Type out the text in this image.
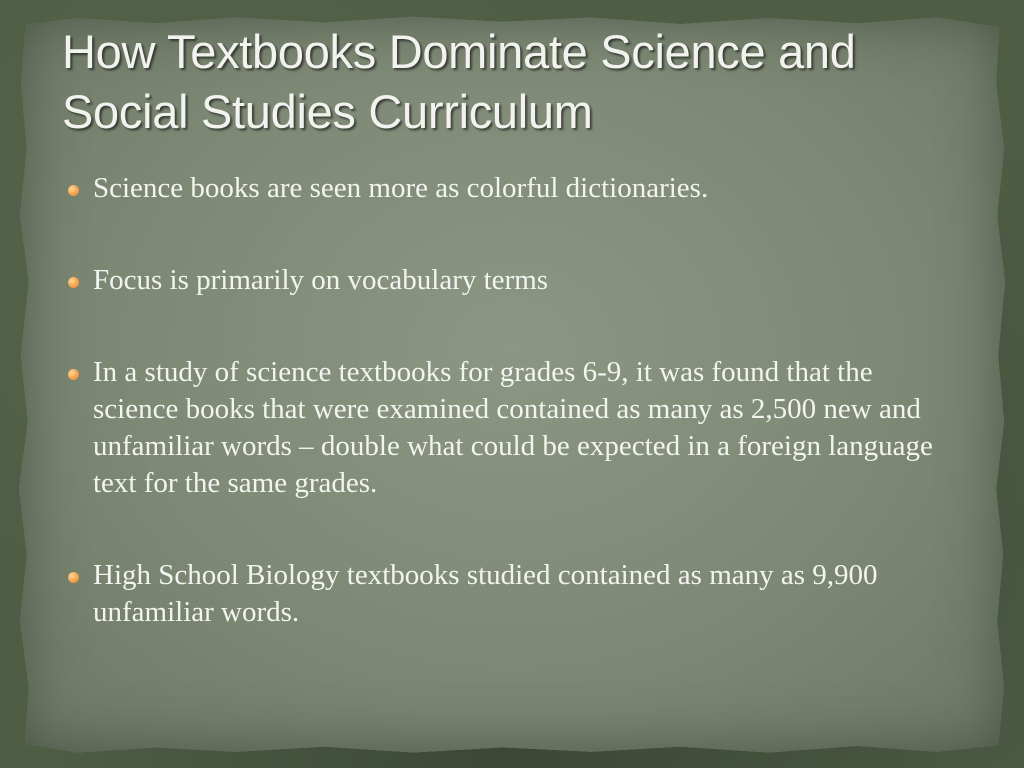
How Textbooks Dominate Science and Social Studies Curriculum
Science books are seen more as colorful dictionaries.
Focus is primarily on vocabulary terms
In a study of science textbooks for grades 6-9, it was found that the science books that were examined contained as many as 2,500 new and unfamiliar words – double what could be expected in a foreign language text for the same grades.
High School Biology textbooks studied contained as many as 9,900 unfamiliar words.
